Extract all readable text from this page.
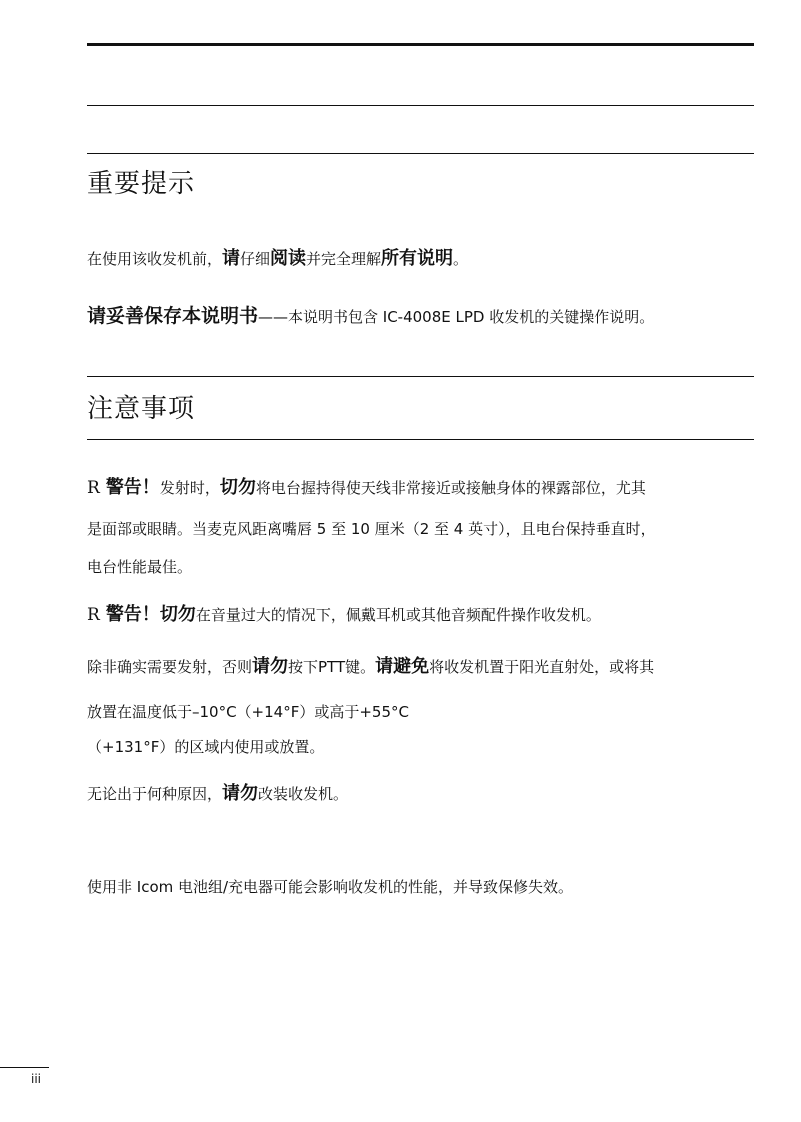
重要提示

在使用该收发机前，请仔细阅读并完全理解所有说明。

请妥善保存本说明书——本说明书包含 IC-4008E LPD 收发机的关键操作说明。

注意事项
R 警告！发射时，切勿将电台握持得使天线非常接近或接触身体的裸露部位，尤其
是面部或眼睛。当麦克风距离嘴唇 5 至 10 厘米（2 至 4 英寸），且电台保持垂直时，
电台性能最佳。
R 警告！切勿在音量过大的情况下，佩戴耳机或其他音频配件操作收发机。
除非确实需要发射，否则请勿按下PTT键。请避免将收发机置于阳光直射处，或将其
放置在温度低于–10°C（+14°F）或高于+55°C
（+131°F）的区域内使用或放置。
无论出于何种原因，请勿改装收发机。
使用非 Icom 电池组/充电器可能会影响收发机的性能，并导致保修失效。
iii
